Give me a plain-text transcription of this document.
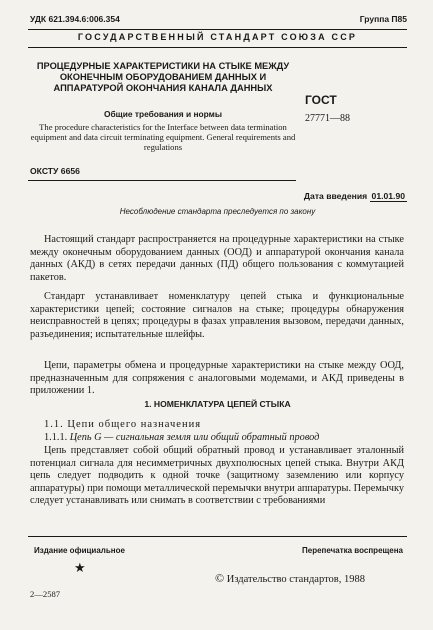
УДК 621.394.6:006.354	Группа П85
ГОСУДАРСТВЕННЫЙ СТАНДАРТ СОЮЗА ССР
ПРОЦЕДУРНЫЕ ХАРАКТЕРИСТИКИ НА СТЫКЕ МЕЖДУ ОКОНЕЧНЫМ ОБОРУДОВАНИЕМ ДАННЫХ И АППАРАТУРОЙ ОКОНЧАНИЯ КАНАЛА ДАННЫХ
Общие требования и нормы
The procedure characteristics for the Interface between data termination equipment and data circuit terminating equipment. General requirements and regulations
ГОСТ
27771—88
ОКСТУ 6656
Дата введения 01.01.90
Несоблюдение стандарта преследуется по закону

Настоящий стандарт распространяется на процедурные характеристики на стыке между оконечным оборудованием данных (ООД) и аппаратурой окончания канала данных (АКД) в сетях передачи данных (ПД) общего пользования с коммутацией пакетов.

Стандарт устанавливает номенклатуру цепей стыка и функциональные характеристики цепей; состояние сигналов на стыке; процедуры обнаружения неисправностей в цепях; процедуры в фазах управления вызовом, передачи данных, разъединения; испытательные шлейфы.

Цепи, параметры обмена и процедурные характеристики на стыке между ООД, предназначенным для сопряжения с аналоговыми модемами, и АКД приведены в приложении 1.

1. НОМЕНКЛАТУРА ЦЕПЕЙ СТЫКА
1.1. Цепи общего назначения
1.1.1. Цепь G — сигнальная земля или общий обратный провод

Цепь представляет собой общий обратный провод и устанавливает эталонный потенциал сигнала для несимметричных двухполюсных цепей стыка. Внутри АКД цепь следует подводить к одной точке (защитному заземлению или корпусу аппаратуры) при помощи металлической перемычки внутри аппаратуры. Перемычку следует устанавливать или снимать в соответствии с требованиями

Издание официальное	Перепечатка воспрещена
★
© Издательство стандартов, 1988
2—2587
